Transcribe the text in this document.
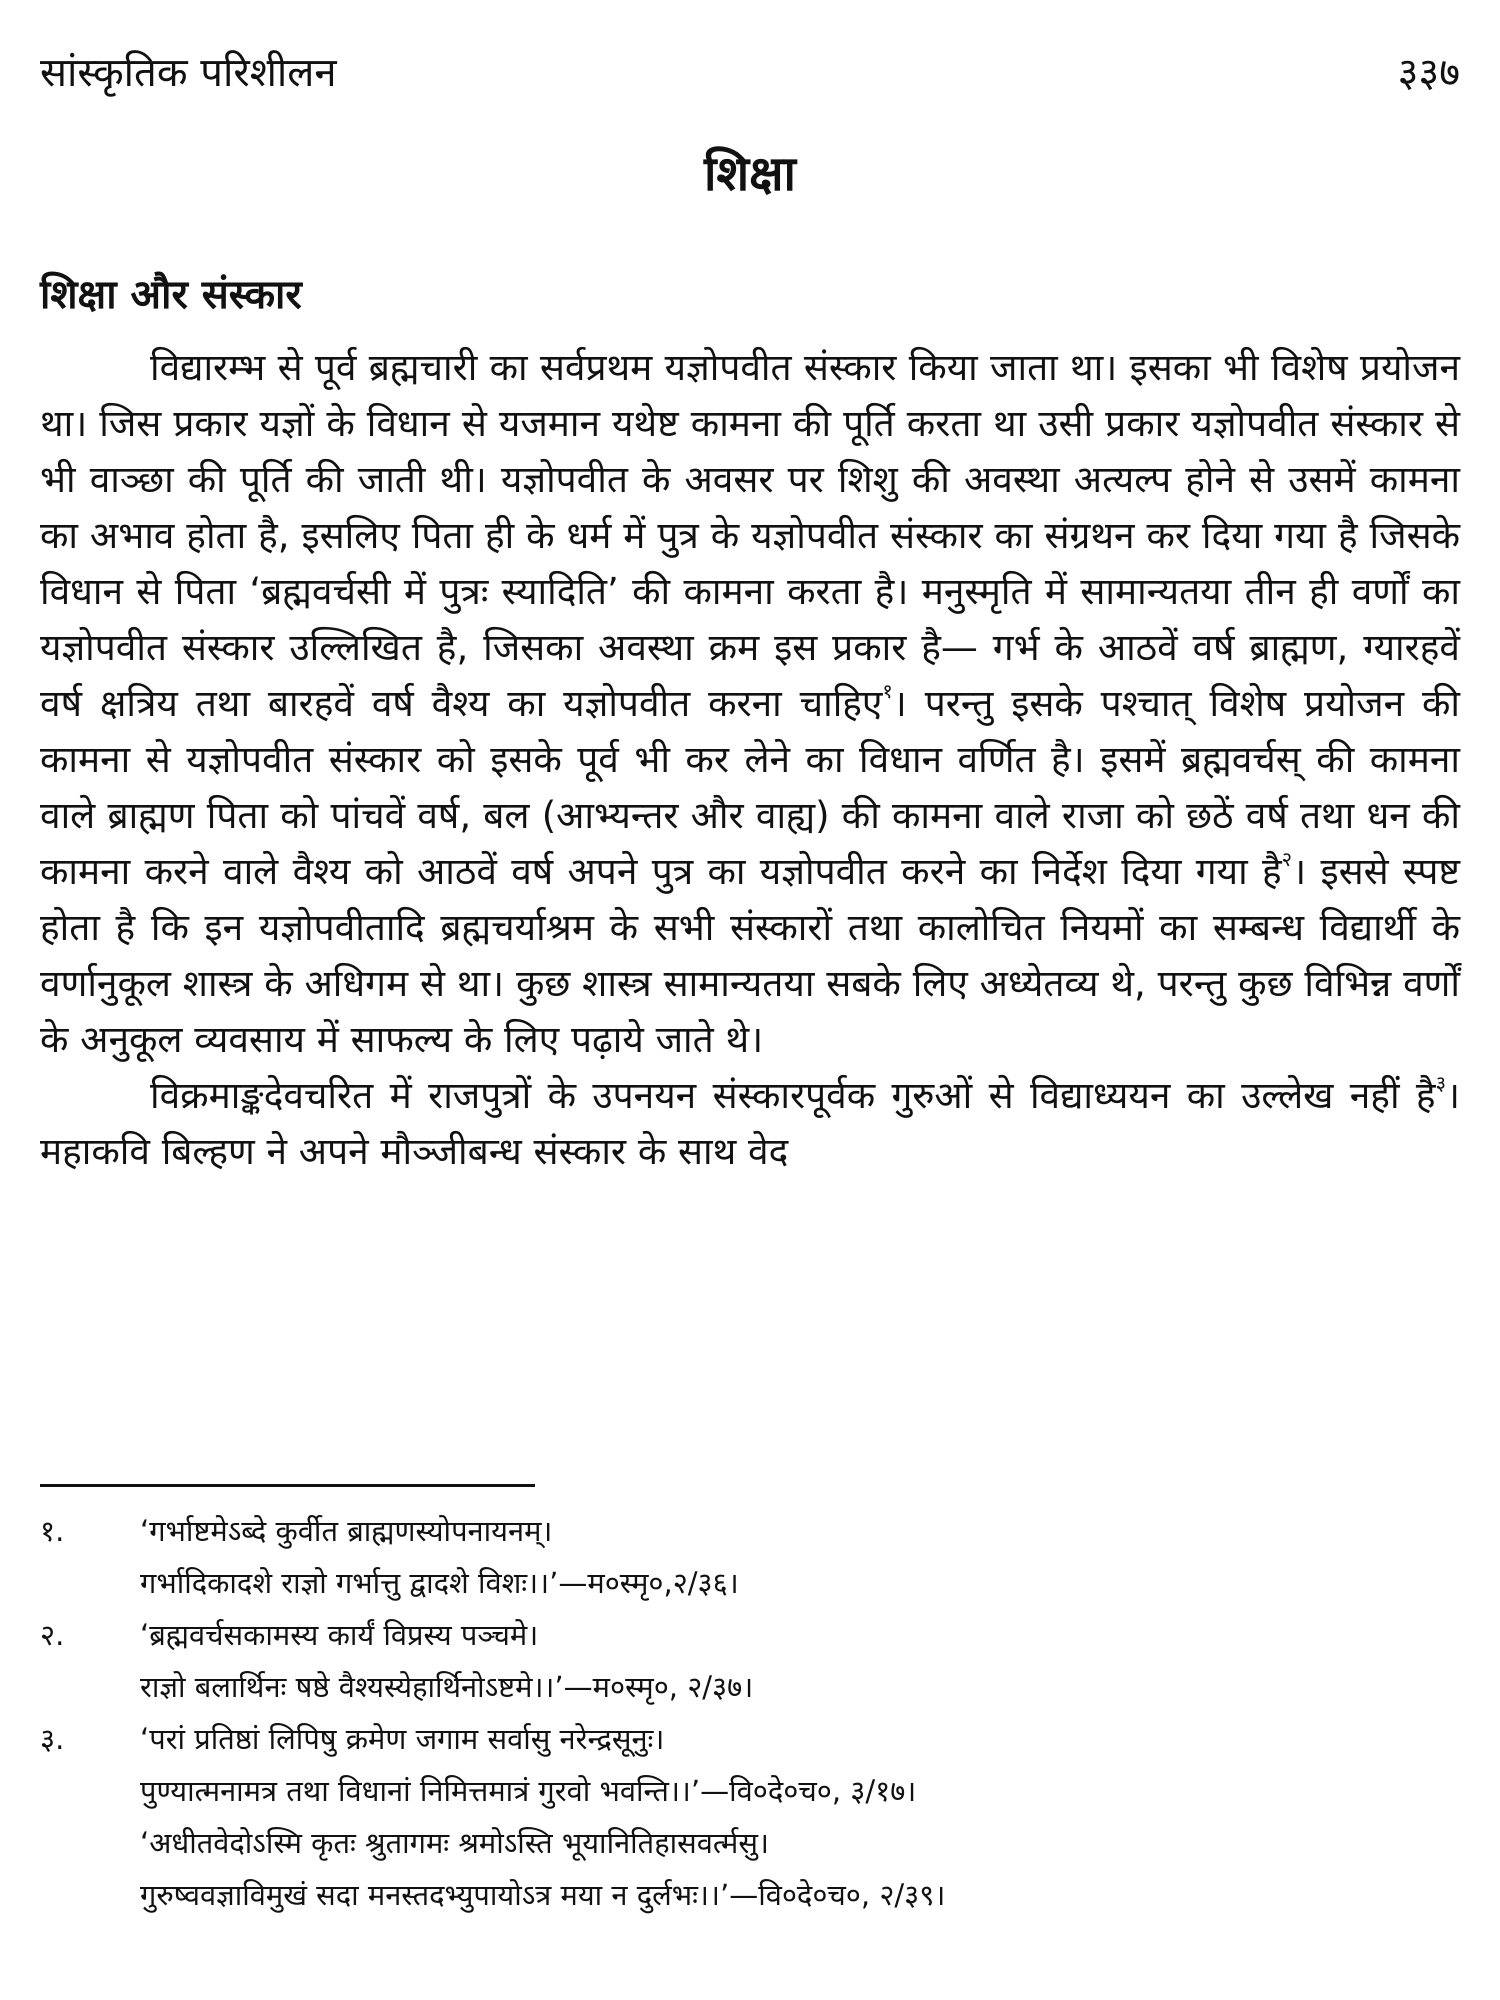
सांस्कृतिक परिशीलन	३३७
शिक्षा
शिक्षा और संस्कार

विद्यारम्भ से पूर्व ब्रह्मचारी का सर्वप्रथम यज्ञोपवीत संस्कार किया जाता था। इसका भी विशेष प्रयोजन था। जिस प्रकार यज्ञों के विधान से यजमान यथेष्ट कामना की पूर्ति करता था उसी प्रकार यज्ञोपवीत संस्कार से भी वाञ्छा की पूर्ति की जाती थी। यज्ञोपवीत के अवसर पर शिशु की अवस्था अत्यल्प होने से उसमें कामना का अभाव होता है, इसलिए पिता ही के धर्म में पुत्र के यज्ञोपवीत संस्कार का संग्रथन कर दिया गया है जिसके विधान से पिता ‘ब्रह्मवर्चसी में पुत्रः स्यादिति’ की कामना करता है। मनुस्मृति में सामान्यतया तीन ही वर्णों का यज्ञोपवीत संस्कार उल्लिखित है, जिसका अवस्था क्रम इस प्रकार है— गर्भ के आठवें वर्ष ब्राह्मण, ग्यारहवें वर्ष क्षत्रिय तथा बारहवें वर्ष वैश्य का यज्ञोपवीत करना चाहिए$^१$। परन्तु इसके पश्चात् विशेष प्रयोजन की कामना से यज्ञोपवीत संस्कार को इसके पूर्व भी कर लेने का विधान वर्णित है। इसमें ब्रह्मवर्चस् की कामना वाले ब्राह्मण पिता को पांचवें वर्ष, बल (आभ्यन्तर और वाह्य) की कामना वाले राजा को छठें वर्ष तथा धन की कामना करने वाले वैश्य को आठवें वर्ष अपने पुत्र का यज्ञोपवीत करने का निर्देश दिया गया है$^२$। इससे स्पष्ट होता है कि इन यज्ञोपवीतादि ब्रह्मचर्याश्रम के सभी संस्कारों तथा कालोचित नियमों का सम्बन्ध विद्यार्थी के वर्णानुकूल शास्त्र के अधिगम से था। कुछ शास्त्र सामान्यतया सबके लिए अध्येतव्य थे, परन्तु कुछ विभिन्न वर्णों के अनुकूल व्यवसाय में साफल्य के लिए पढ़ाये जाते थे।

विक्रमाङ्कदेवचरित में राजपुत्रों के उपनयन संस्कारपूर्वक गुरुओं से विद्याध्ययन का उल्लेख नहीं है$^३$। महाकवि बिल्हण ने अपने मौञ्जीबन्ध संस्कार के साथ वेद

१.	‘गर्भाष्टमेऽब्दे कुर्वीत ब्राह्मणस्योपनायनम्।
गर्भादिकादशे राज्ञो गर्भात्तु द्वादशे विशः।।’—म०स्मृ०,२/३६।
२.	‘ब्रह्मवर्चसकामस्य कार्यं विप्रस्य पञ्चमे।
राज्ञो बलार्थिनः षष्ठे वैश्यस्येहार्थिनोऽष्टमे।।’—म०स्मृ०, २/३७।
३.	‘परां प्रतिष्ठां लिपिषु क्रमेण जगाम सर्वासु नरेन्द्रसूनुः।
पुण्यात्मनामत्र तथा विधानां निमित्तमात्रं गुरवो भवन्ति।।’—वि०दे०च०, ३/१७।
‘अधीतवेदोऽस्मि कृतः श्रुतागमः श्रमोऽस्ति भूयानितिहासवर्त्मसु।
गुरुष्ववज्ञाविमुखं सदा मनस्तदभ्युपायोऽत्र मया न दुर्लभः।।’—वि०दे०च०, २/३९।
